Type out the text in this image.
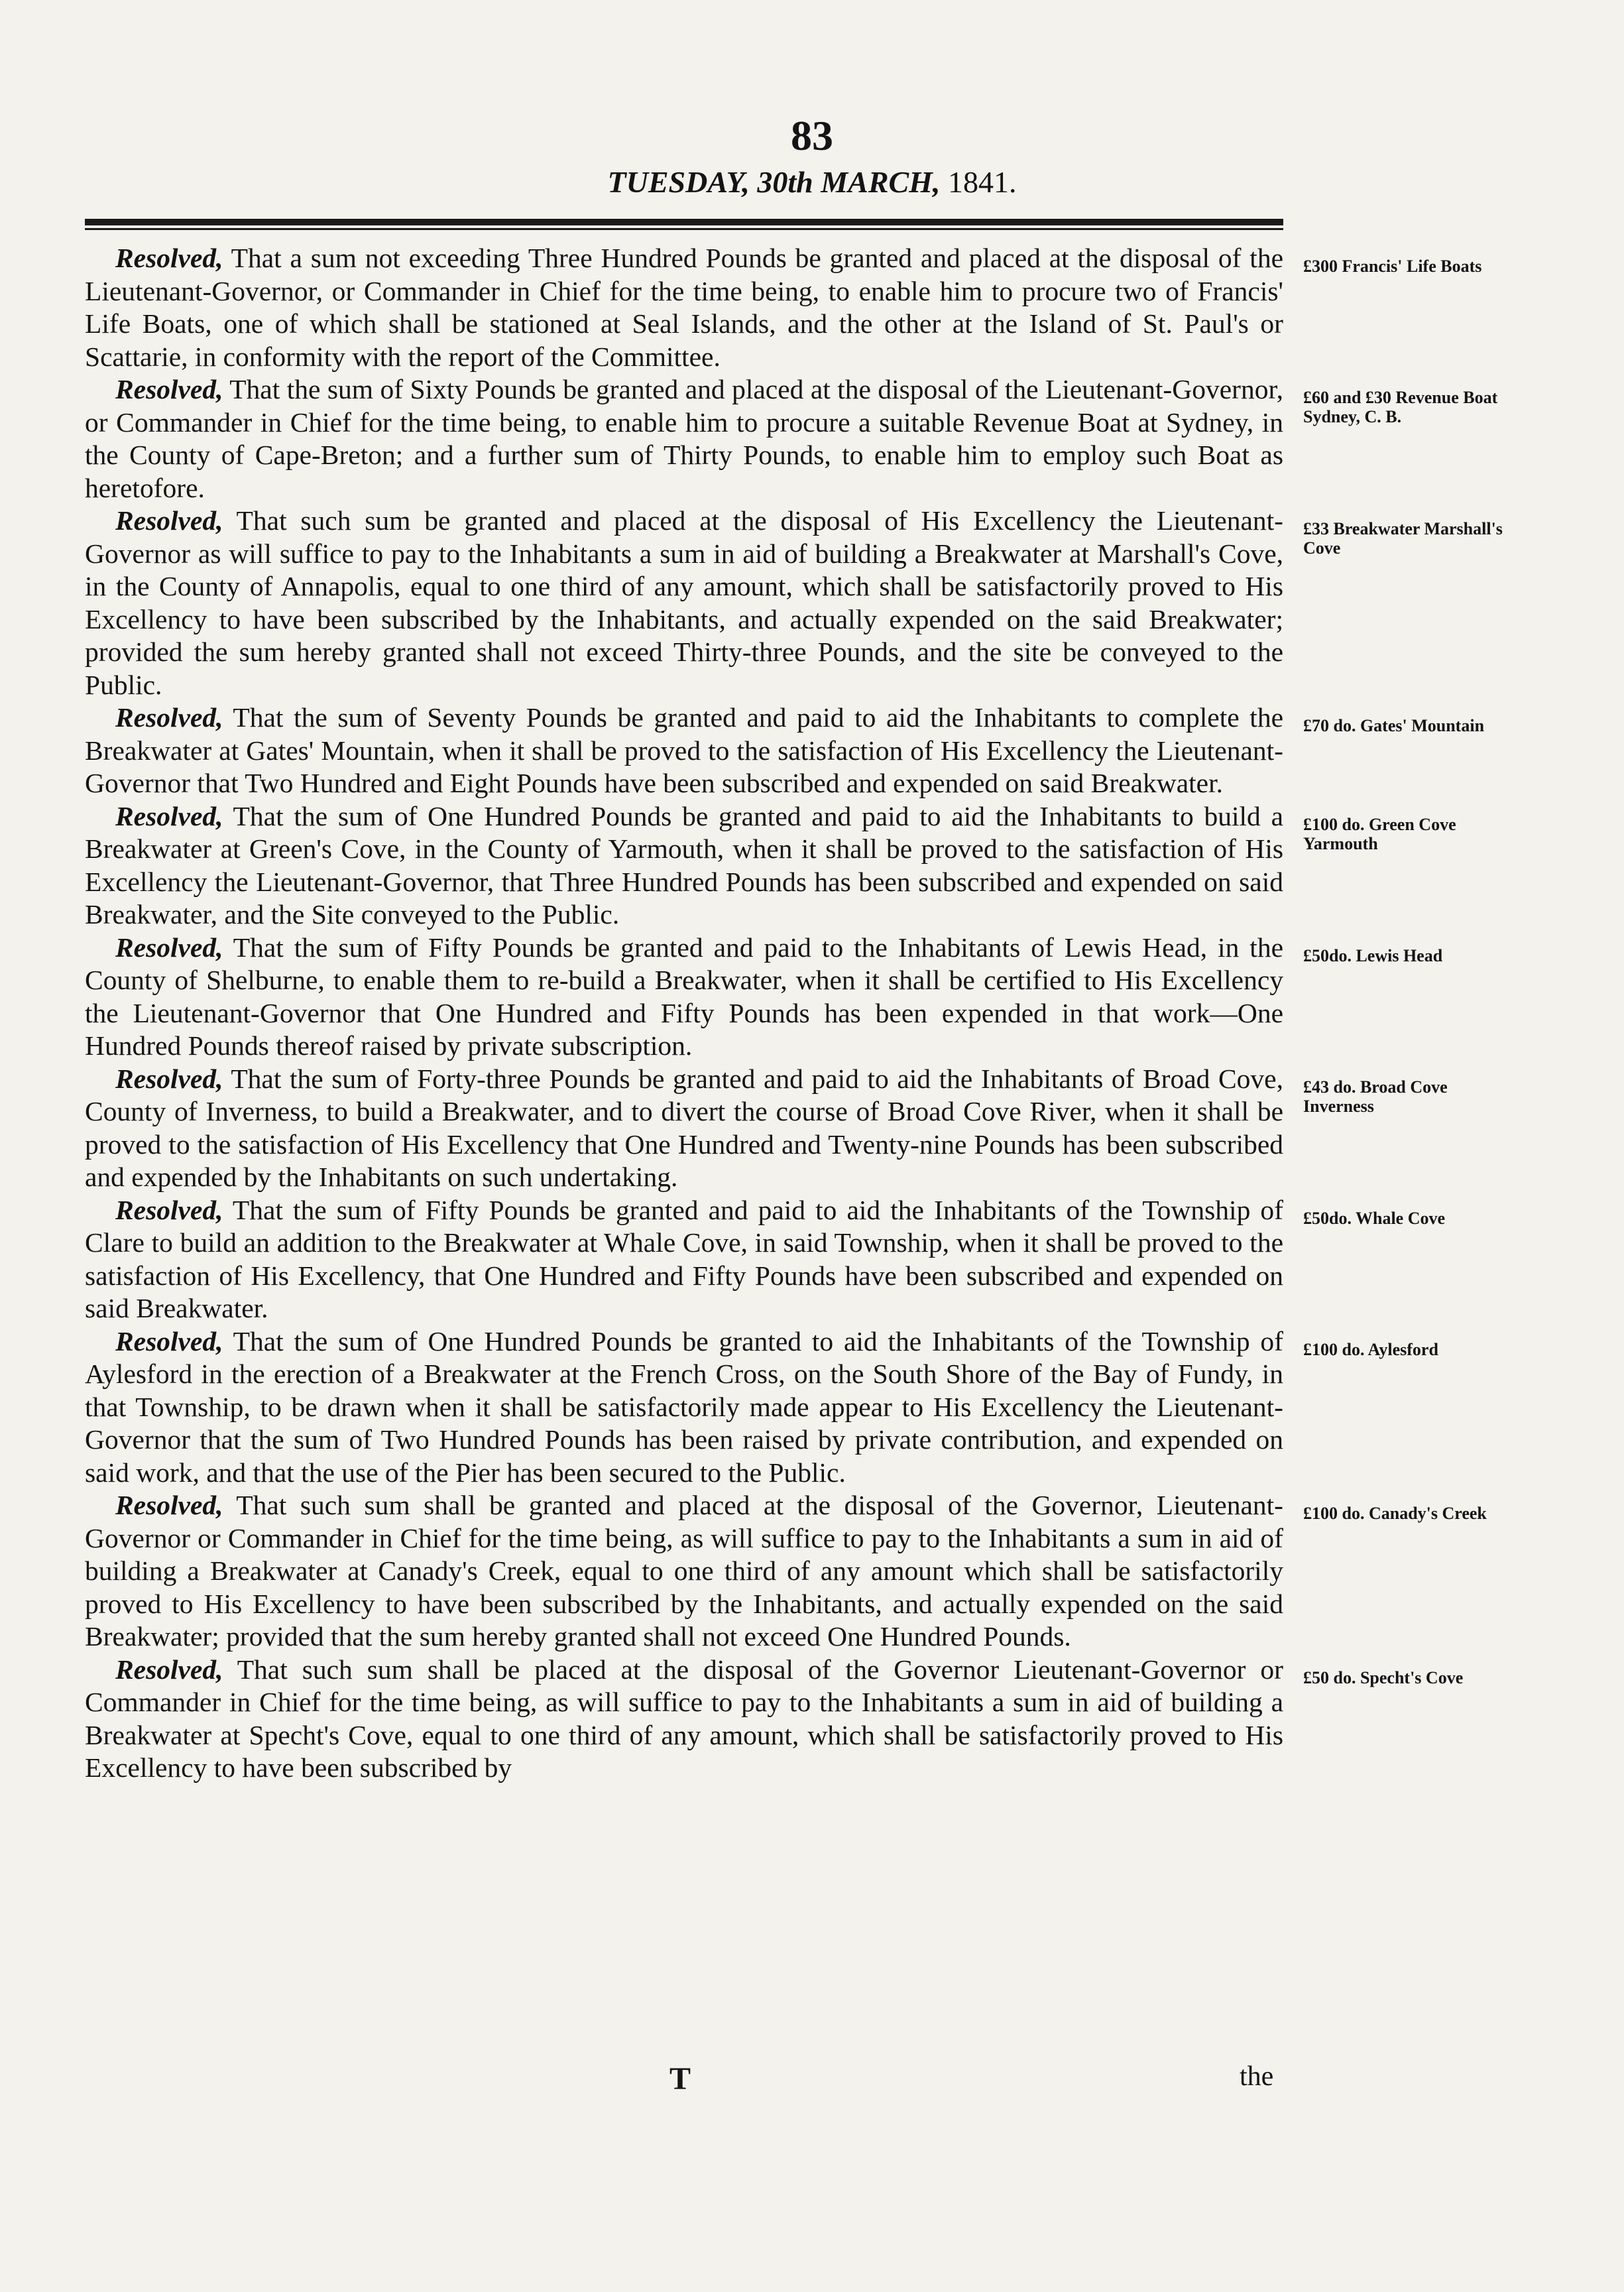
83
TUESDAY, 30th MARCH, 1841.

Resolved, That a sum not exceeding Three Hundred Pounds be granted and placed at the disposal of the Lieutenant-Governor, or Commander in Chief for the time being, to enable him to procure two of Francis' Life Boats, one of which shall be stationed at Seal Islands, and the other at the Island of St. Paul's or Scattarie, in conformity with the report of the Committee.
£300 Francis' Life Boats

Resolved, That the sum of Sixty Pounds be granted and placed at the disposal of the Lieutenant-Governor, or Commander in Chief for the time being, to enable him to procure a suitable Revenue Boat at Sydney, in the County of Cape-Breton; and a further sum of Thirty Pounds, to enable him to employ such Boat as heretofore.
£60 and £30 Revenue Boat Sydney, C. B.

Resolved, That such sum be granted and placed at the disposal of His Excellency the Lieutenant-Governor as will suffice to pay to the Inhabitants a sum in aid of building a Breakwater at Marshall's Cove, in the County of Annapolis, equal to one third of any amount, which shall be satisfactorily proved to His Excellency to have been subscribed by the Inhabitants, and actually expended on the said Breakwater; provided the sum hereby granted shall not exceed Thirty-three Pounds, and the site be conveyed to the Public.
£33 Breakwater Marshall's Cove

Resolved, That the sum of Seventy Pounds be granted and paid to aid the Inhabitants to complete the Breakwater at Gates' Mountain, when it shall be proved to the satisfaction of His Excellency the Lieutenant-Governor that Two Hundred and Eight Pounds have been subscribed and expended on said Breakwater.
£70 do. Gates' Mountain

Resolved, That the sum of One Hundred Pounds be granted and paid to aid the Inhabitants to build a Breakwater at Green's Cove, in the County of Yarmouth, when it shall be proved to the satisfaction of His Excellency the Lieutenant-Governor, that Three Hundred Pounds has been subscribed and expended on said Breakwater, and the Site conveyed to the Public.
£100 do. Green Cove Yarmouth

Resolved, That the sum of Fifty Pounds be granted and paid to the Inhabitants of Lewis Head, in the County of Shelburne, to enable them to re-build a Breakwater, when it shall be certified to His Excellency the Lieutenant-Governor that One Hundred and Fifty Pounds has been expended in that work—One Hundred Pounds thereof raised by private subscription.
£50do. Lewis Head

Resolved, That the sum of Forty-three Pounds be granted and paid to aid the Inhabitants of Broad Cove, County of Inverness, to build a Breakwater, and to divert the course of Broad Cove River, when it shall be proved to the satisfaction of His Excellency that One Hundred and Twenty-nine Pounds has been subscribed and expended by the Inhabitants on such undertaking.
£43 do. Broad Cove Inverness

Resolved, That the sum of Fifty Pounds be granted and paid to aid the Inhabitants of the Township of Clare to build an addition to the Breakwater at Whale Cove, in said Township, when it shall be proved to the satisfaction of His Excellency, that One Hundred and Fifty Pounds have been subscribed and expended on said Breakwater.
£50do. Whale Cove

Resolved, That the sum of One Hundred Pounds be granted to aid the Inhabitants of the Township of Aylesford in the erection of a Breakwater at the French Cross, on the South Shore of the Bay of Fundy, in that Township, to be drawn when it shall be satisfactorily made appear to His Excellency the Lieutenant-Governor that the sum of Two Hundred Pounds has been raised by private contribution, and expended on said work, and that the use of the Pier has been secured to the Public.
£100 do. Aylesford

Resolved, That such sum shall be granted and placed at the disposal of the Governor, Lieutenant-Governor or Commander in Chief for the time being, as will suffice to pay to the Inhabitants a sum in aid of building a Breakwater at Canady's Creek, equal to one third of any amount which shall be satisfactorily proved to His Excellency to have been subscribed by the Inhabitants, and actually expended on the said Breakwater; provided that the sum hereby granted shall not exceed One Hundred Pounds.
£100 do. Canady's Creek

Resolved, That such sum shall be placed at the disposal of the Governor Lieutenant-Governor or Commander in Chief for the time being, as will suffice to pay to the Inhabitants a sum in aid of building a Breakwater at Specht's Cove, equal to one third of any amount, which shall be satisfactorily proved to His Excellency to have been subscribed by
£50 do. Specht's Cove

T	the
